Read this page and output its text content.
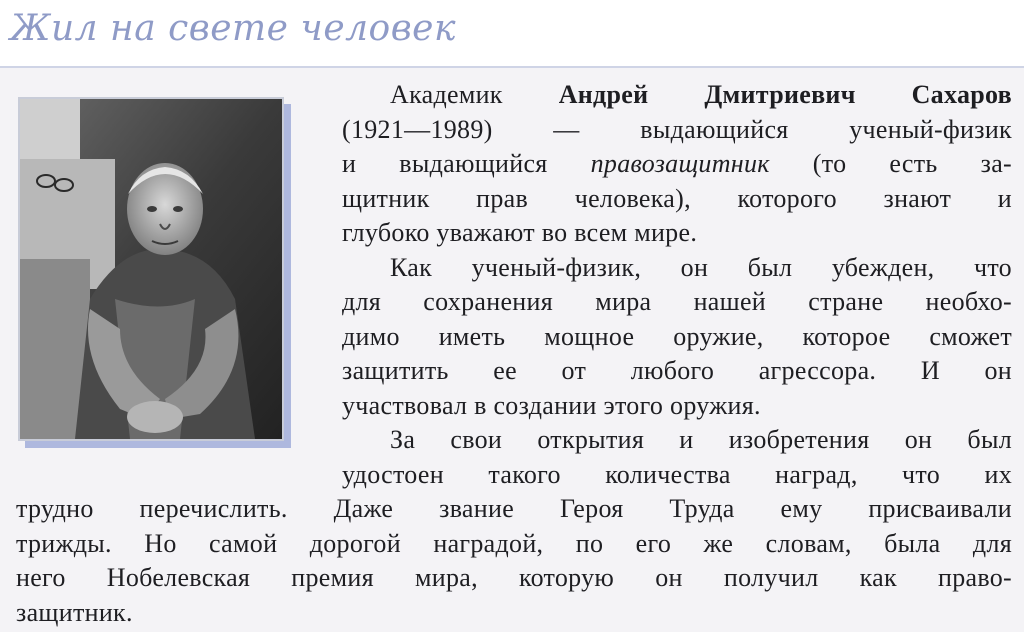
Жил на свете человек
Академик Андрей Дмитриевич Сахаров
(1921—1989) — выдающийся ученый-физик
и выдающийся правозащитник (то есть за-
щитник прав человека), которого знают и
глубоко уважают во всем мире.
Как ученый-физик, он был убежден, что
для сохранения мира нашей стране необхо-
димо иметь мощное оружие, которое сможет
защитить ее от любого агрессора. И он
участвовал в создании этого оружия.
За свои открытия и изобретения он был
удостоен такого количества наград, что их
трудно перечислить. Даже звание Героя Труда ему присваивали
трижды. Но самой дорогой наградой, по его же словам, была для
него Нобелевская премия мира, которую он получил как право-
защитник.
